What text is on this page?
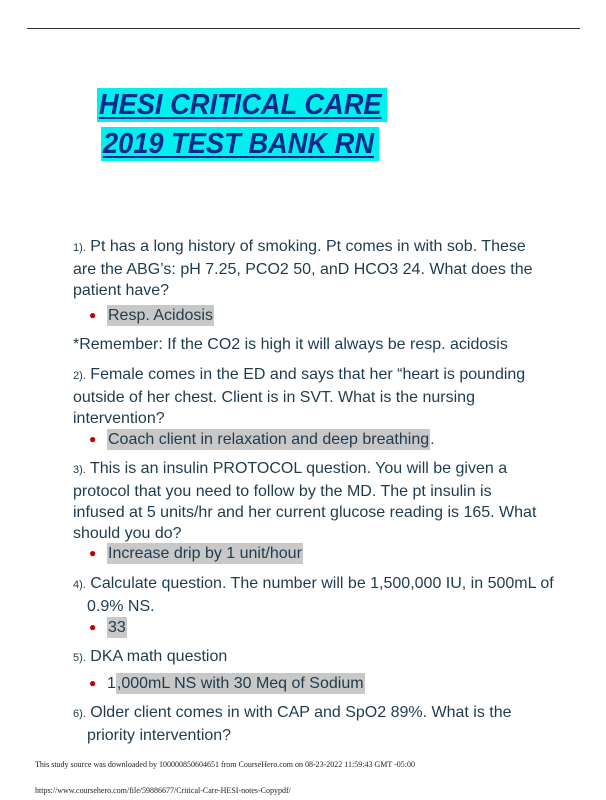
HESI CRITICAL CARE
2019 TEST BANK RN
1). Pt has a long history of smoking. Pt comes in with sob. These are the ABG’s: pH 7.25, PCO2 50, anD HCO3 24. What does the patient have?
● Resp. Acidosis
*Remember: If the CO2 is high it will always be resp. acidosis
2). Female comes in the ED and says that her “heart is pounding outside of her chest. Client is in SVT. What is the nursing intervention?
● Coach client in relaxation and deep breathing .
3). This is an insulin PROTOCOL question. You will be given a protocol that you need to follow by the MD. The pt insulin is infused at 5 units/hr and her current glucose reading is 165. What should you do?
● Increase drip by 1 unit/hour
4). Calculate question. The number will be 1,500,000 IU, in 500mL of 0.9% NS.
● 33
5). DKA math question
● 1 ,000mL NS with 30 Meq of Sodium
6). Older client comes in with CAP and SpO2 89%. What is the priority intervention?
This study source was downloaded by 100000850604651 from CourseHero.com on 08-23-2022 11:59:43 GMT -05:00
https://www.coursehero.com/file/59886677/Critical-Care-HESI-notes-Copypdf/
